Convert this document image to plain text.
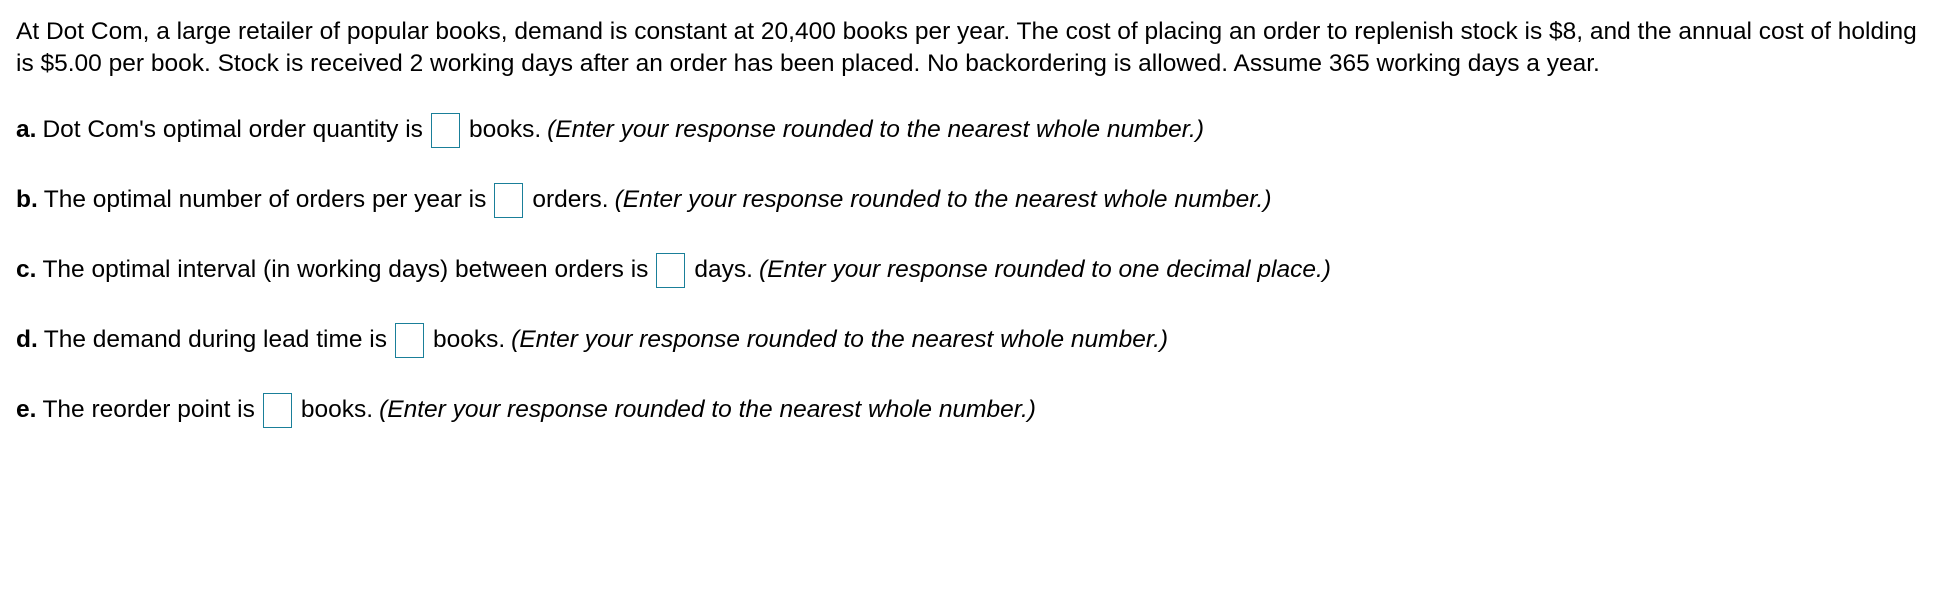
At Dot Com, a large retailer of popular books, demand is constant at 20,400 books per year. The cost of placing an order to replenish stock is $8, and the annual cost of holding is $5.00 per book. Stock is received 2 working days after an order has been placed. No backordering is allowed. Assume 365 working days a year.
a. Dot Com's optimal order quantity is books. (Enter your response rounded to the nearest whole number.)
b. The optimal number of orders per year is orders. (Enter your response rounded to the nearest whole number.)
c. The optimal interval (in working days) between orders is days. (Enter your response rounded to one decimal place.)
d. The demand during lead time is books. (Enter your response rounded to the nearest whole number.)
e. The reorder point is books. (Enter your response rounded to the nearest whole number.)
